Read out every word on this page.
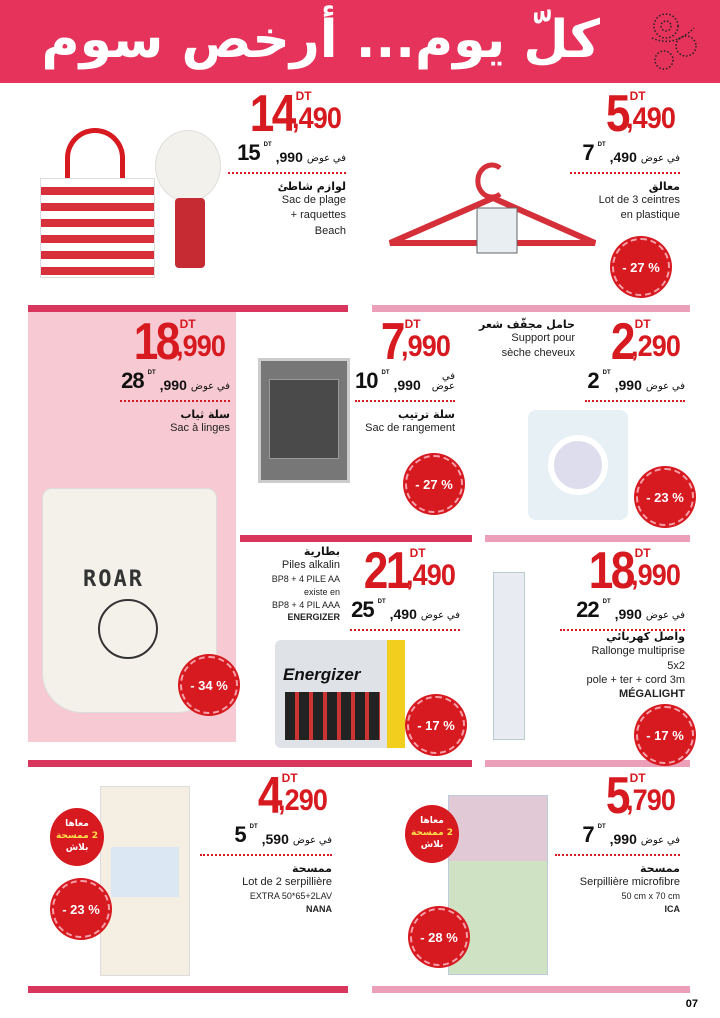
كلّ يوم... أرخص سوم
14 DT
,490
15 DT
,990 في عوض
لوازم شاطئ
Sac de plage
+ raquettes
Beach
5 DT
,490
7 DT
,490 في عوض
معالق
Lot de 3 ceintres
en plastique
- 27 %
18 DT
,990
28 DT
,990 في عوض
سلة ثياب
Sac à linges
ROAR
- 34 %
7 DT
,990
10 DT
,990
في عوض
سلة ترتيب
Sac de rangement
- 27 %
حامل مجفّف شعر
Support pour
sèche cheveux 2 DT
,290
2 DT
,990 في عوض
- 23 %
بطارية
Piles alkalin
BP8 + 4 PILE AA
existe en
BP8 + 4 PIL AAA
ENERGIZER
21 DT
,490
25 DT
,490 في عوض
Energizer
- 17 %
18 DT
,990
22 DT
,990 في عوض
واصل كهربائي
Rallonge multiprise
5x2
pole + ter + cord 3m
MÉGALIGHT
- 17 %
معاها
2 ممسحة
بلاش
- 23 %
4 DT
,290
5 DT
,590 في عوض
ممسحة
Lot de 2 serpillière
EXTRA 50*65+2LAV
NANA
معاها
2 ممسحة
بلاش
- 28 %
5 DT
,790
7 DT
,990 في عوض
ممسحة
Serpillière microfibre
50 cm x 70 cm
ICA
07
